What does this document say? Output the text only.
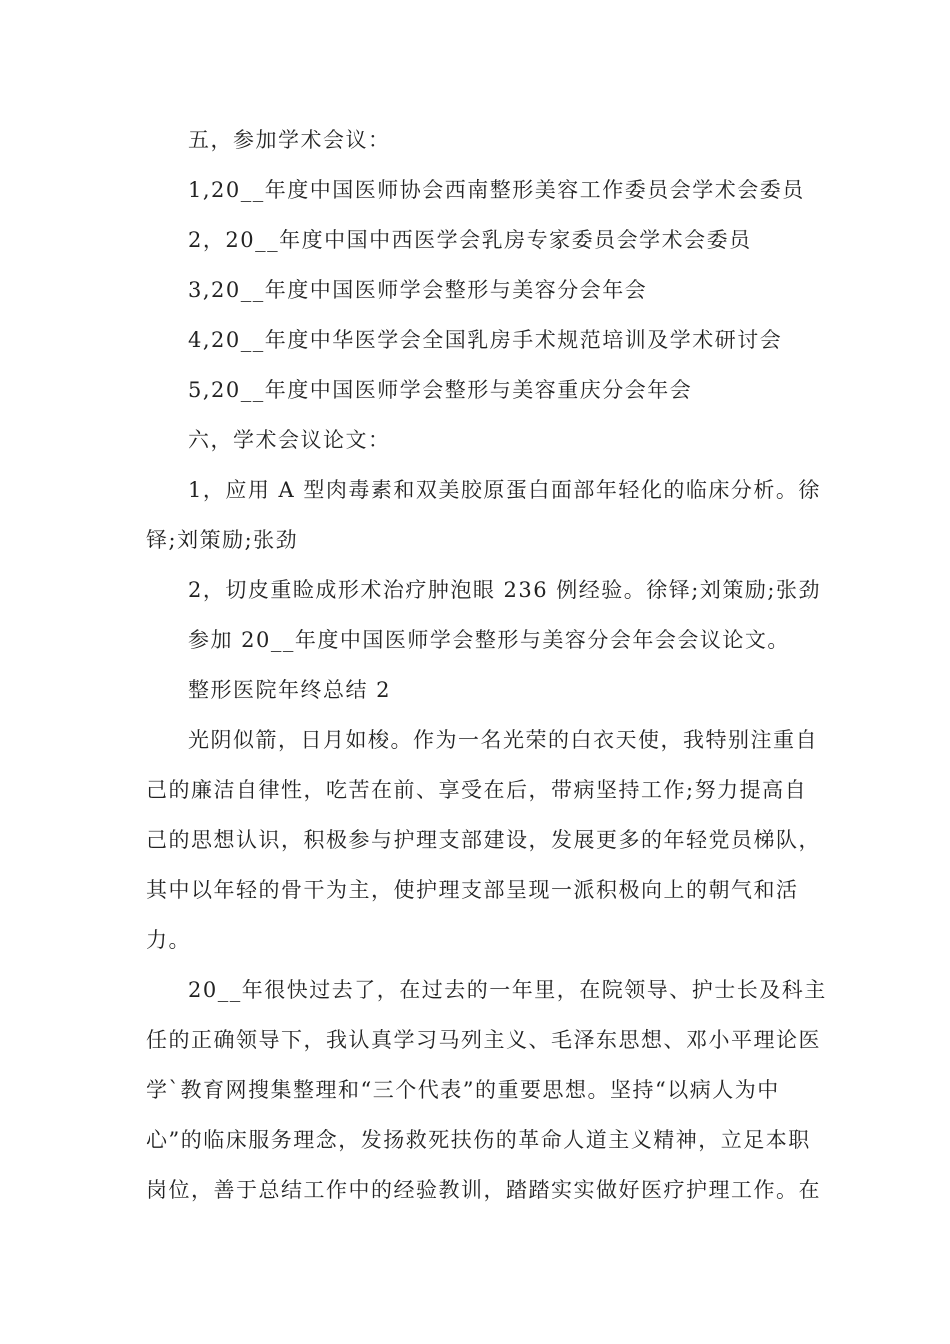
五，参加学术会议：
1,20__年度中国医师协会西南整形美容工作委员会学术会委员
2，20__年度中国中西医学会乳房专家委员会学术会委员
3,20__年度中国医师学会整形与美容分会年会
4,20__年度中华医学会全国乳房手术规范培训及学术研讨会
5,20__年度中国医师学会整形与美容重庆分会年会
六，学术会议论文：
1，应用 A 型肉毒素和双美胶原蛋白面部年轻化的临床分析。徐
铎;刘策励;张劲
2，切皮重睑成形术治疗肿泡眼 236 例经验。徐铎;刘策励;张劲
参加 20__年度中国医师学会整形与美容分会年会会议论文。
整形医院年终总结 2
光阴似箭，日月如梭。作为一名光荣的白衣天使，我特别注重自
己的廉洁自律性，吃苦在前、享受在后，带病坚持工作;努力提高自
己的思想认识，积极参与护理支部建设，发展更多的年轻党员梯队，
其中以年轻的骨干为主，使护理支部呈现一派积极向上的朝气和活
力。
20__年很快过去了，在过去的一年里，在院领导、护士长及科主
任的正确领导下，我认真学习马列主义、毛泽东思想、邓小平理论医
学`教育网搜集整理和“三个代表”的重要思想。坚持“以病人为中
心”的临床服务理念，发扬救死扶伤的革命人道主义精神，立足本职
岗位，善于总结工作中的经验教训，踏踏实实做好医疗护理工作。在
